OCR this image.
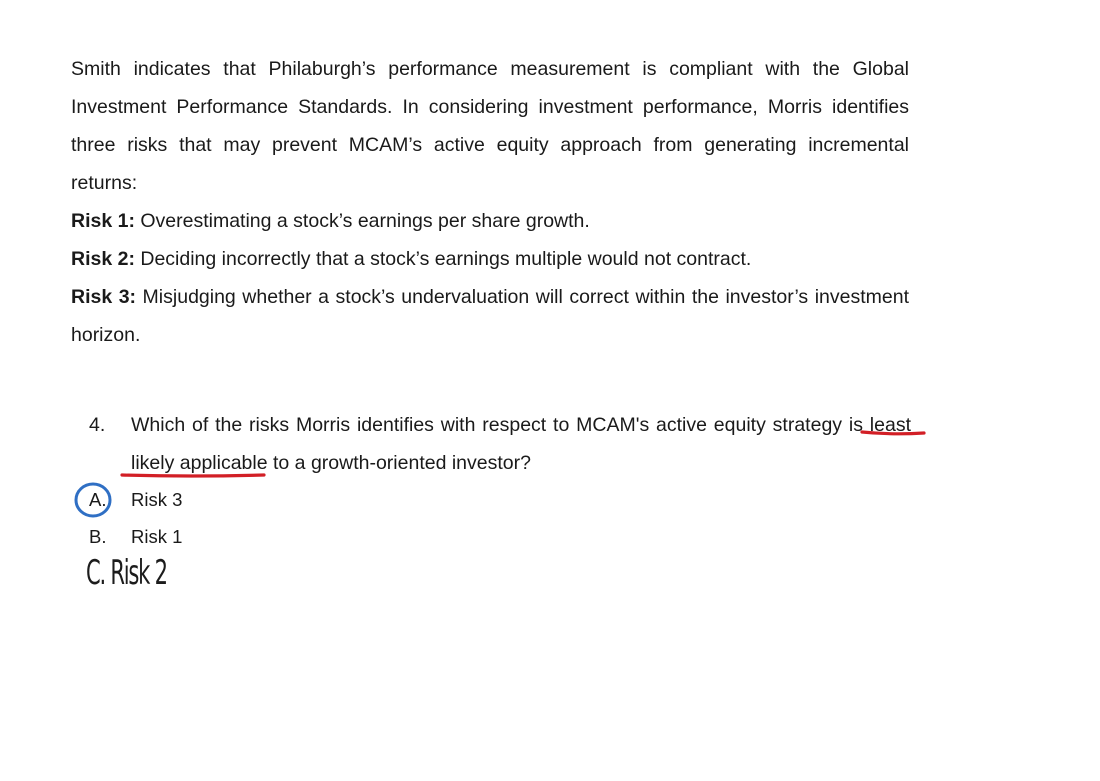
Smith indicates that Philaburgh’s performance measurement is compliant with the Global Investment Performance Standards. In considering investment performance, Morris identifies three risks that may prevent MCAM’s active equity approach from generating incremental returns:

Risk 1: Overestimating a stock’s earnings per share growth.

Risk 2: Deciding incorrectly that a stock’s earnings multiple would not contract.

Risk 3: Misjudging whether a stock’s undervaluation will correct within the investor’s investment horizon.

4. Which of the risks Morris identifies with respect to MCAM's active equity strategy is least likely applicable to a growth-oriented investor?

A. Risk 3
B. Risk 1
C. Risk 2
